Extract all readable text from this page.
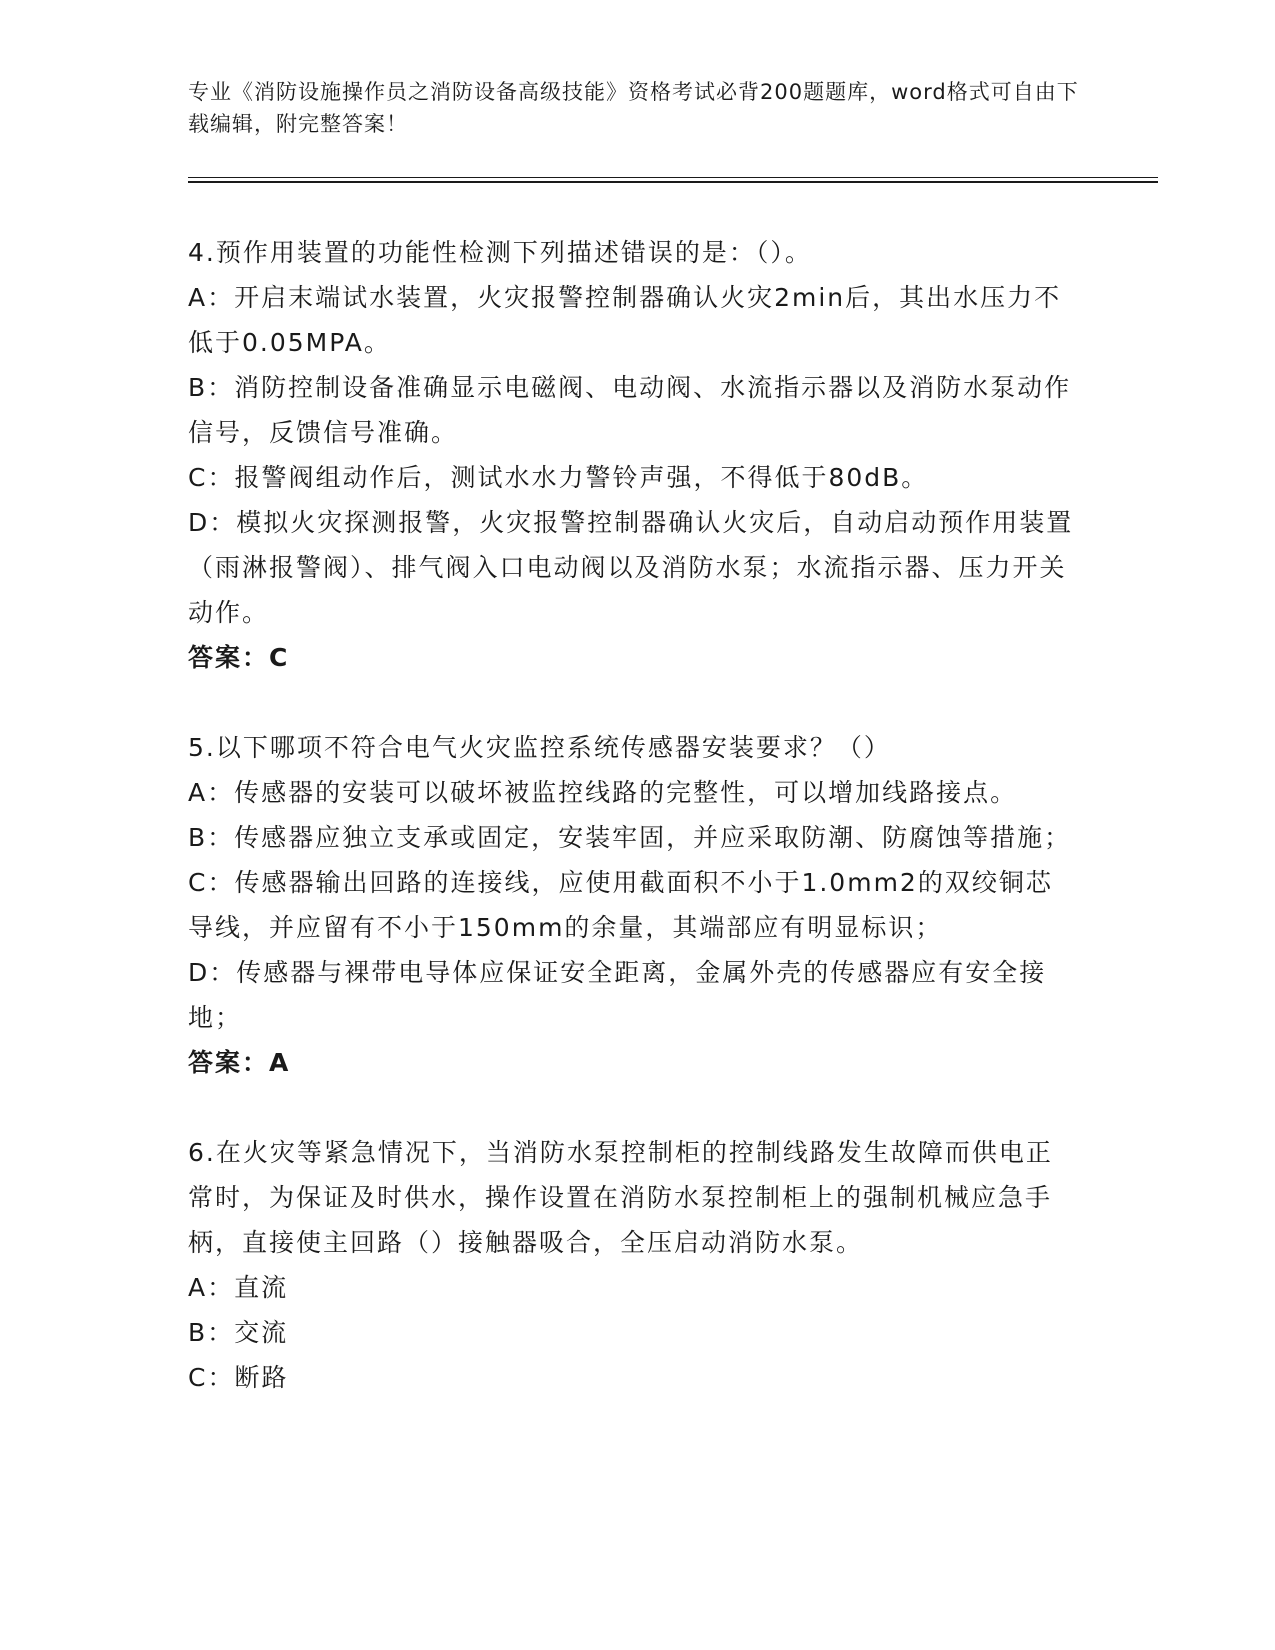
专业《消防设施操作员之消防设备高级技能》资格考试必背200题题库，word格式可自由下载编辑，附完整答案！

4.预作用装置的功能性检测下列描述错误的是：（）。

A：开启末端试水装置，火灾报警控制器确认火灾2min后，其出水压力不低于0.05MPA。

B：消防控制设备准确显示电磁阀、电动阀、水流指示器以及消防水泵动作信号，反馈信号准确。

C：报警阀组动作后，测试水水力警铃声强，不得低于80dB。

D：模拟火灾探测报警，火灾报警控制器确认火灾后，自动启动预作用装置（雨淋报警阀）、排气阀入口电动阀以及消防水泵；水流指示器、压力开关动作。

答案：C

5.以下哪项不符合电气火灾监控系统传感器安装要求？（）

A：传感器的安装可以破坏被监控线路的完整性，可以增加线路接点。

B：传感器应独立支承或固定，安装牢固，并应采取防潮、防腐蚀等措施；

C：传感器输出回路的连接线，应使用截面积不小于1.0mm2的双绞铜芯导线，并应留有不小于150mm的余量，其端部应有明显标识；

D：传感器与裸带电导体应保证安全距离，金属外壳的传感器应有安全接地；

答案：A

6.在火灾等紧急情况下，当消防水泵控制柜的控制线路发生故障而供电正常时，为保证及时供水，操作设置在消防水泵控制柜上的强制机械应急手柄，直接使主回路（）接触器吸合，全压启动消防水泵。

A：直流

B：交流

C：断路
